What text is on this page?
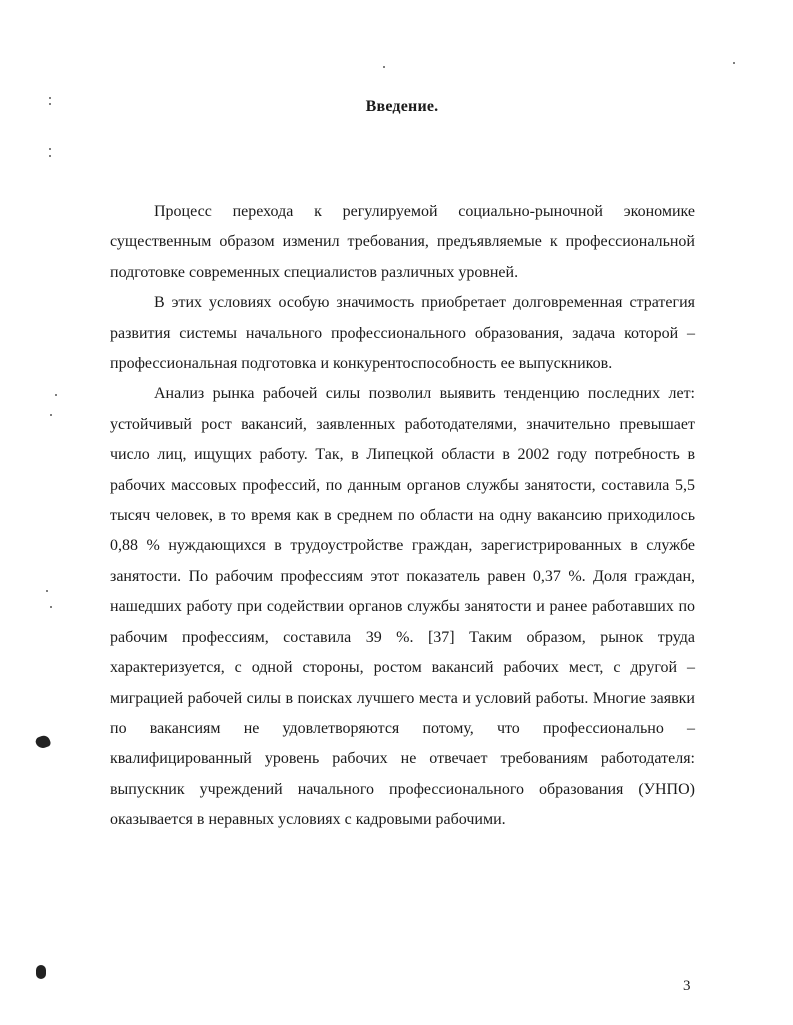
Введение.

Процесс перехода к регулируемой социально-рыночной экономике существенным образом изменил требования, предъявляемые к профессиональной подготовке современных специалистов различных уровней.

В этих условиях особую значимость приобретает долговременная стратегия развития системы начального профессионального образования, задача которой – профессиональная подготовка и конкурентоспособность ее выпускников.

Анализ рынка рабочей силы позволил выявить тенденцию последних лет: устойчивый рост вакансий, заявленных работодателями, значительно превышает число лиц, ищущих работу. Так, в Липецкой области в 2002 году потребность в рабочих массовых профессий, по данным органов службы занятости, составила 5,5 тысяч человек, в то время как в среднем по области на одну вакансию приходилось 0,88 % нуждающихся в трудоустройстве граждан, зарегистрированных в службе занятости. По рабочим профессиям этот показатель равен 0,37 %. Доля граждан, нашедших работу при содействии органов службы занятости и ранее работавших по рабочим профессиям, составила 39 %. [37] Таким образом, рынок труда характеризуется, с одной стороны, ростом вакансий рабочих мест, с другой – миграцией рабочей силы в поисках лучшего места и условий работы. Многие заявки по вакансиям не удовлетворяются потому, что профессионально – квалифицированный уровень рабочих не отвечает требованиям работодателя: выпускник учреждений начального профессионального образования (УНПО) оказывается в неравных условиях с кадровыми рабочими.

3
